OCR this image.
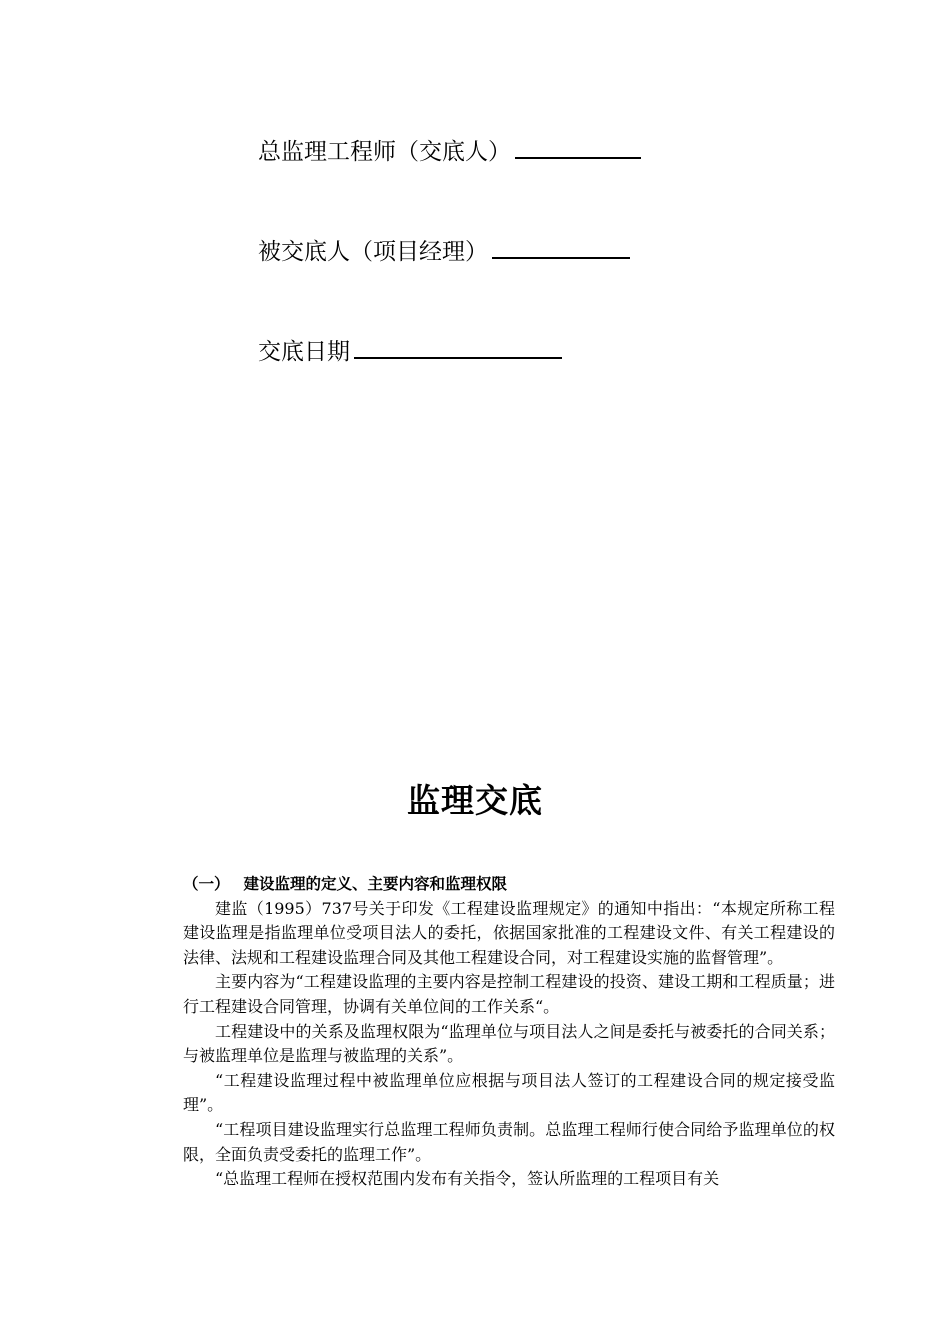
总监理工程师（交底人）
被交底人（项目经理）
交底日期
监理交底

（一） 建设监理的定义、主要内容和监理权限

建监（1995）737号关于印发《工程建设监理规定》的通知中指出：“本规定所称工程建设监理是指监理单位受项目法人的委托，依据国家批准的工程建设文件、有关工程建设的法律、法规和工程建设监理合同及其他工程建设合同，对工程建设实施的监督管理”。

主要内容为“工程建设监理的主要内容是控制工程建设的投资、建设工期和工程质量；进行工程建设合同管理，协调有关单位间的工作关系“。

工程建设中的关系及监理权限为“监理单位与项目法人之间是委托与被委托的合同关系；与被监理单位是监理与被监理的关系”。

“工程建设监理过程中被监理单位应根据与项目法人签订的工程建设合同的规定接受监理”。

“工程项目建设监理实行总监理工程师负责制。总监理工程师行使合同给予监理单位的权限，全面负责受委托的监理工作”。

“总监理工程师在授权范围内发布有关指令，签认所监理的工程项目有关
